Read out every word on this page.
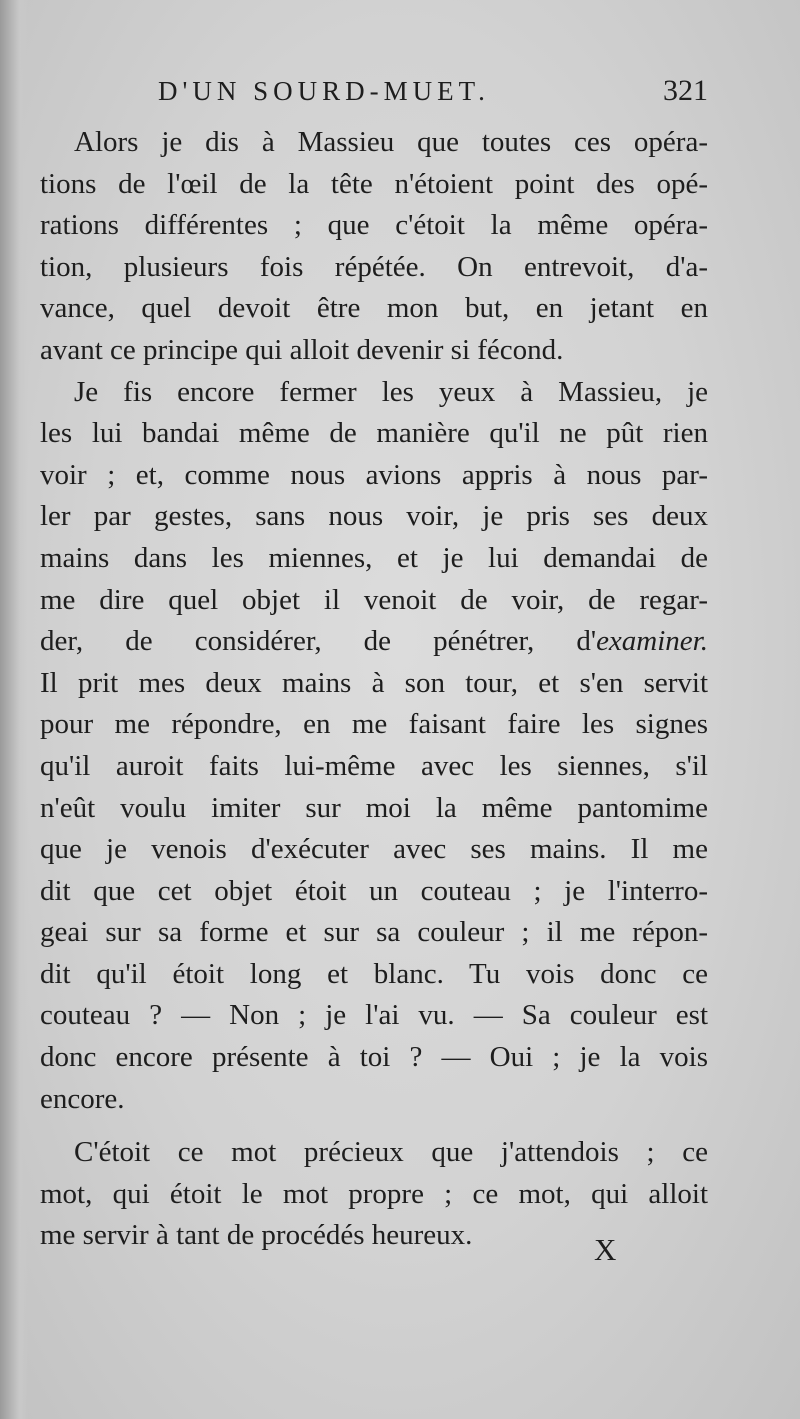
D'UN SOURD-MUET.	321
Alors je dis à Massieu que toutes ces opéra-
tions de l'œil de la tête n'étoient point des opé-
rations différentes ; que c'étoit la même opéra-
tion, plusieurs fois répétée. On entrevoit, d'a-
vance, quel devoit être mon but, en jetant en
avant ce principe qui alloit devenir si fécond.
Je fis encore fermer les yeux à Massieu, je
les lui bandai même de manière qu'il ne pût rien
voir ; et, comme nous avions appris à nous par-
ler par gestes, sans nous voir, je pris ses deux
mains dans les miennes, et je lui demandai de
me dire quel objet il venoit de voir, de regar-
der, de considérer, de pénétrer, d'examiner.
Il prit mes deux mains à son tour, et s'en servit
pour me répondre, en me faisant faire les signes
qu'il auroit faits lui-même avec les siennes, s'il
n'eût voulu imiter sur moi la même pantomime
que je venois d'exécuter avec ses mains. Il me
dit que cet objet étoit un couteau ; je l'interro-
geai sur sa forme et sur sa couleur ; il me répon-
dit qu'il étoit long et blanc. Tu vois donc ce
couteau ? — Non ; je l'ai vu. — Sa couleur est
donc encore présente à toi ? — Oui ; je la vois
encore.
C'étoit ce mot précieux que j'attendois ; ce
mot, qui étoit le mot propre ; ce mot, qui alloit
me servir à tant de procédés heureux.	X
